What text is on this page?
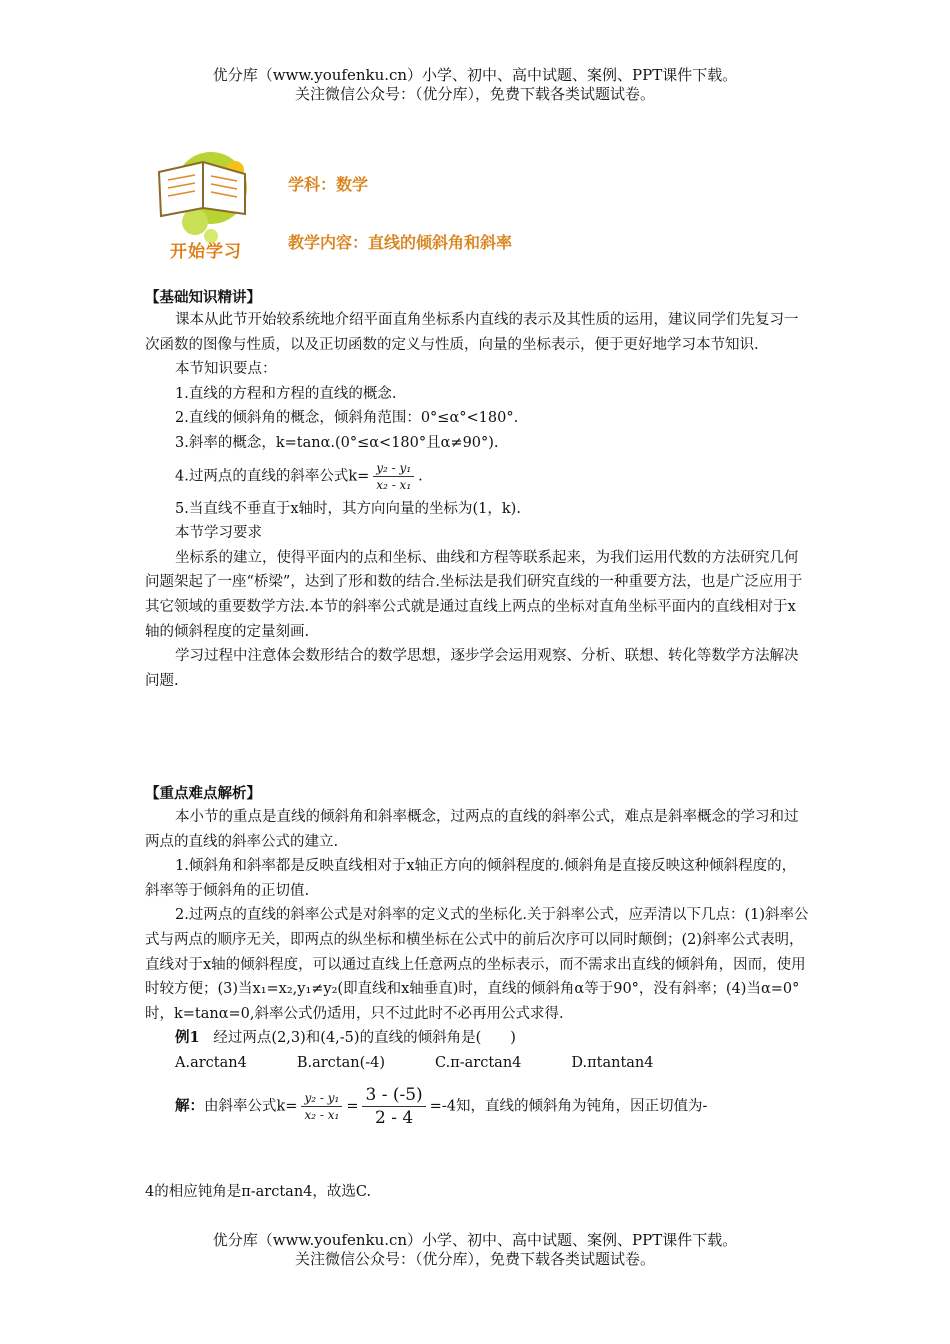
优分库（www.youfenku.cn）小学、初中、高中试题、案例、PPT课件下载。
关注微信公众号：（优分库），免费下载各类试题试卷。
开始学习
学科：数学
教学内容：直线的倾斜角和斜率
【基础知识精讲】

课本从此节开始较系统地介绍平面直角坐标系内直线的表示及其性质的运用，建议同学们先复习一次函数的图像与性质，以及正切函数的定义与性质，向量的坐标表示，便于更好地学习本节知识.

本节知识要点：

1.直线的方程和方程的直线的概念.

2.直线的倾斜角的概念，倾斜角范围：0°≤α°<180°.

3.斜率的概念，k=tanα.(0°≤α<180°且α≠90°).

4.过两点的直线的斜率公式$k= \frac{\text{y₂ - y₁}}{\text{x₂ - x₁}}$ .

5.当直线不垂直于x轴时，其方向向量的坐标为(1，k).

本节学习要求

坐标系的建立，使得平面内的点和坐标、曲线和方程等联系起来，为我们运用代数的方法研究几何问题架起了一座“桥梁”，达到了形和数的结合.坐标法是我们研究直线的一种重要方法，也是广泛应用于其它领域的重要数学方法.本节的斜率公式就是通过直线上两点的坐标对直角坐标平面内的直线相对于x轴的倾斜程度的定量刻画.

学习过程中注意体会数形结合的数学思想，逐步学会运用观察、分析、联想、转化等数学方法解决问题.

【重点难点解析】

本小节的重点是直线的倾斜角和斜率概念，过两点的直线的斜率公式，难点是斜率概念的学习和过两点的直线的斜率公式的建立.

1.倾斜角和斜率都是反映直线相对于x轴正方向的倾斜程度的.倾斜角是直接反映这种倾斜程度的，斜率等于倾斜角的正切值.

2.过两点的直线的斜率公式是对斜率的定义式的坐标化.关于斜率公式，应弄清以下几点：(1)斜率公式与两点的顺序无关，即两点的纵坐标和横坐标在公式中的前后次序可以同时颠倒；(2)斜率公式表明，直线对于x轴的倾斜程度，可以通过直线上任意两点的坐标表示，而不需求出直线的倾斜角，因而，使用时较方便；(3)当x₁=x₂,y₁≠y₂(即直线和x轴垂直)时，直线的倾斜角α等于90°，没有斜率；(4)当α=0°时，k=tanα=0,斜率公式仍适用，只不过此时不必再用公式求得.

例1 经过两点(2,3)和(4,-5)的直线的倾斜角是(　　)

A.arctan4	B.arctan(-4)	C.π-arctan4	D.πtantan4

解：由斜率公式$k= \frac{\text{y₂ - y₁}}{\text{x₂ - x₁}} = \frac{3 - (-5)}{2 - 4} =-4$知，直线的倾斜角为钝角，因正切值为-

4的相应钝角是π-arctan4，故选C.
优分库（www.youfenku.cn）小学、初中、高中试题、案例、PPT课件下载。
关注微信公众号：（优分库），免费下载各类试题试卷。
